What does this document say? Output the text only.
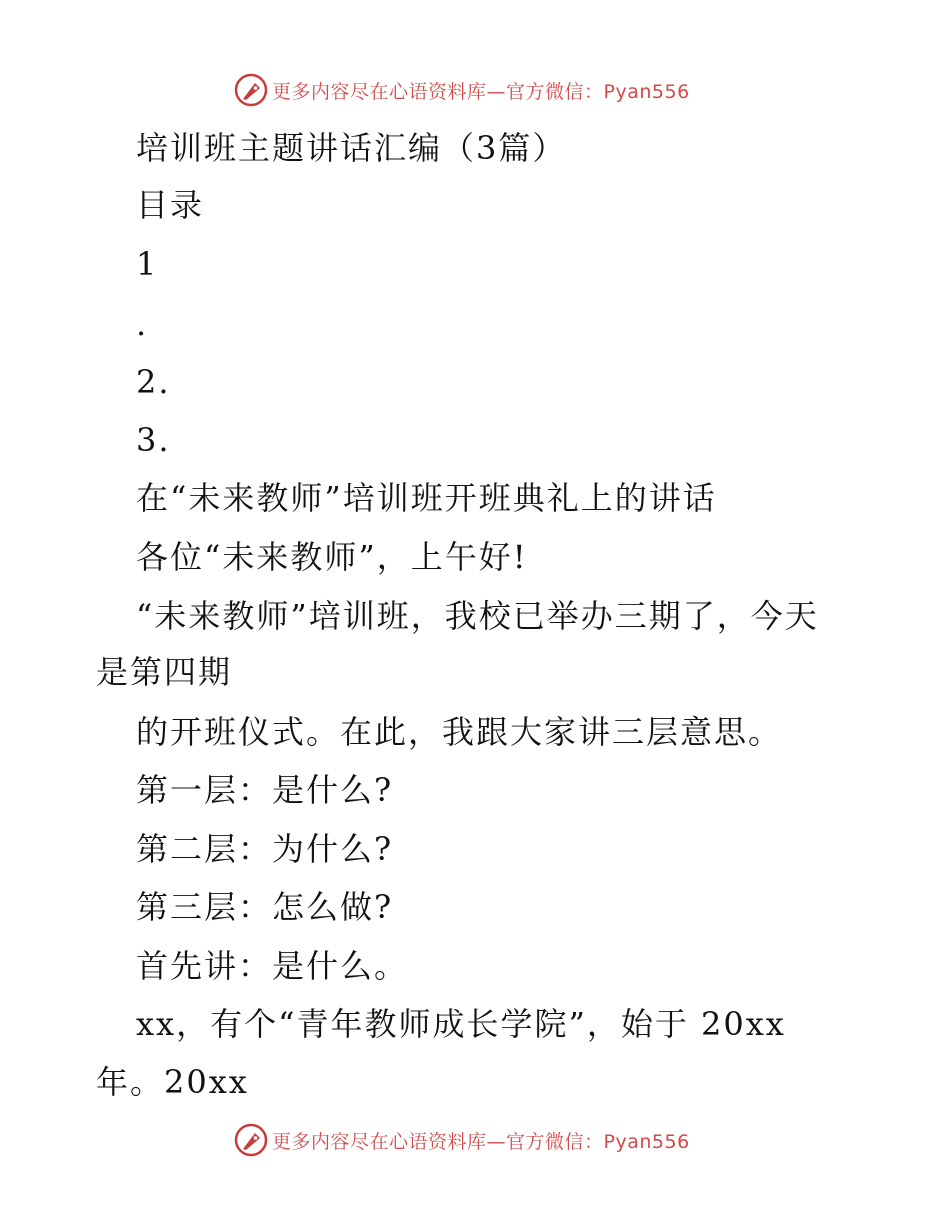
更多内容尽在心语资料库—官方微信：Pyan556
培训班主题讲话汇编（3篇）
目录
1
.
2.
3.
在“未来教师”培训班开班典礼上的讲话
各位“未来教师”，上午好!
“未来教师”培训班，我校已举办三期了，今天
是第四期
的开班仪式。在此，我跟大家讲三层意思。
第一层：是什么?
第二层：为什么?
第三层：怎么做?
首先讲：是什么。
xx，有个“青年教师成长学院”，始于 20xx
年。20xx
更多内容尽在心语资料库—官方微信：Pyan556
